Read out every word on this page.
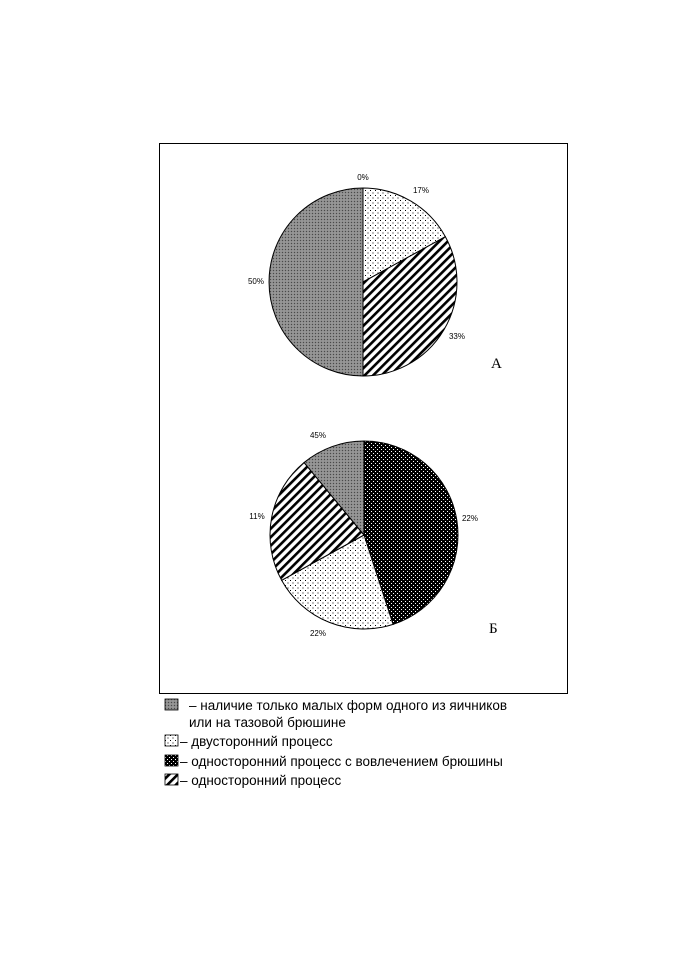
0%
17%
33%
50%
А
45%
22%
22%
11%
Б
– наличие только малых форм одного из яичников
или на тазовой брюшине
– двусторонний процесс
– односторонний процесс с вовлечением брюшины
– односторонний процесс
